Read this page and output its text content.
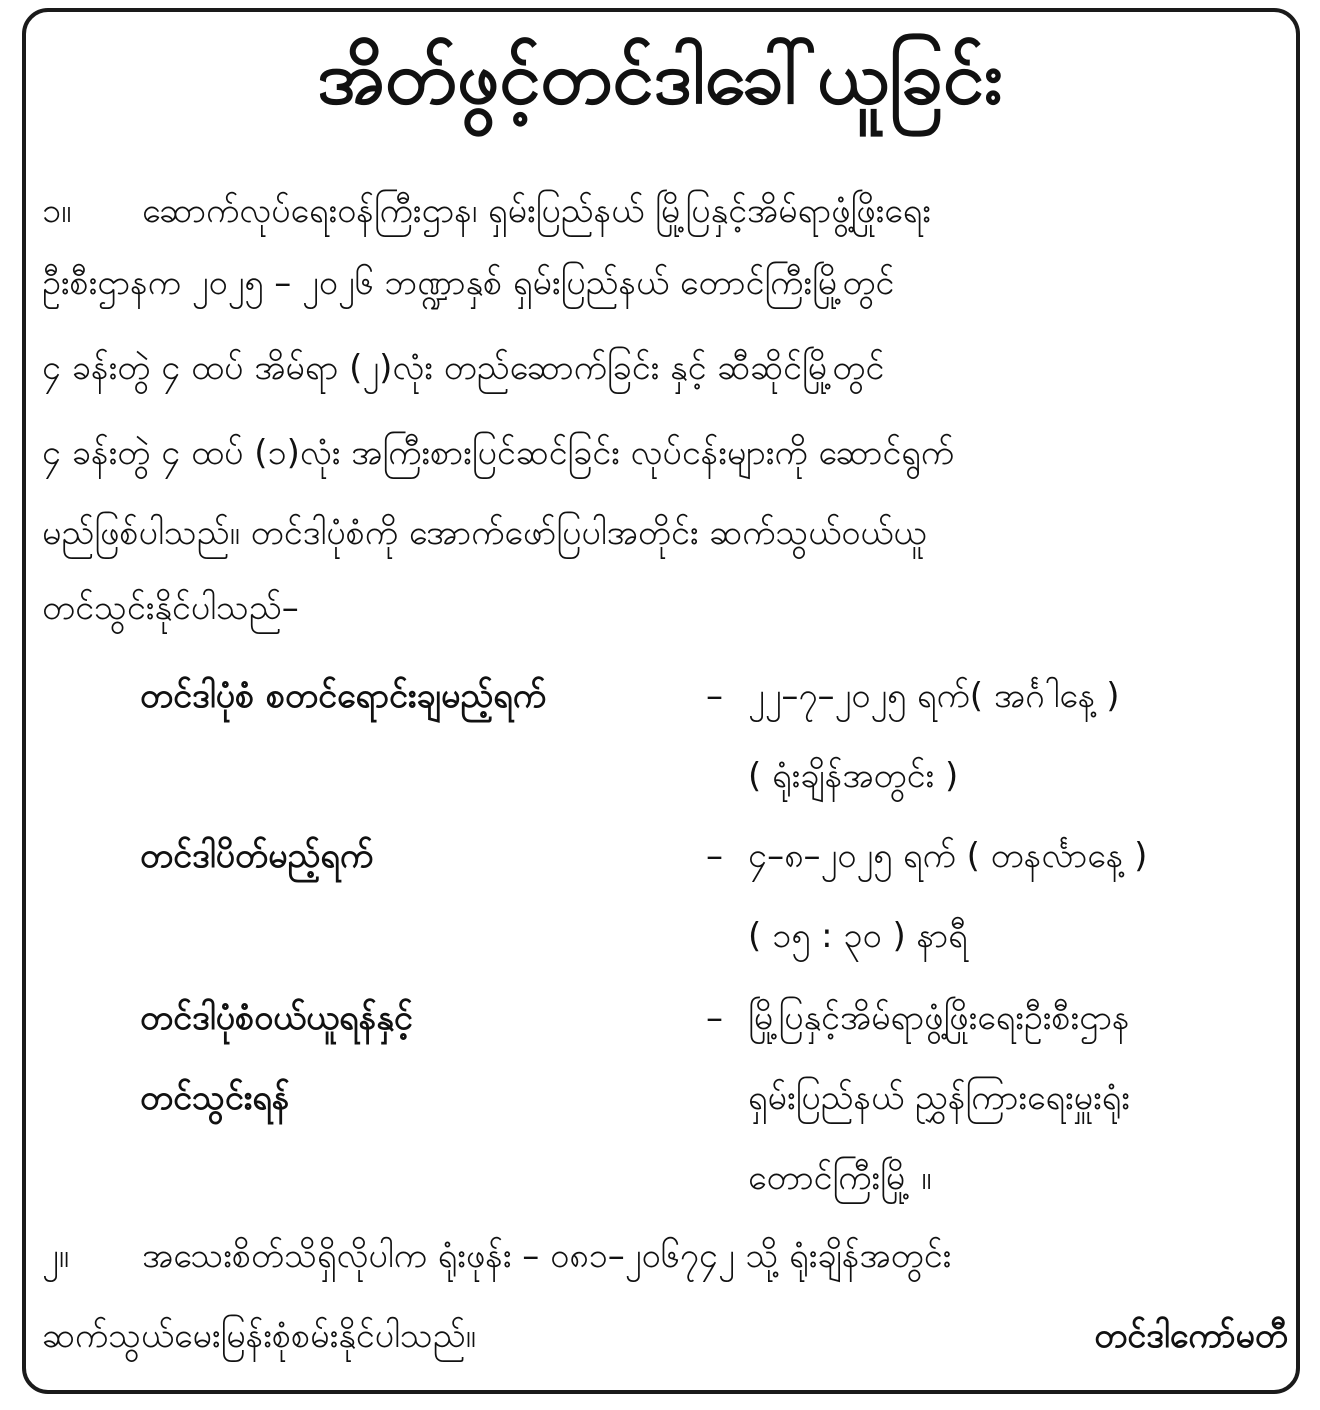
အိတ်ဖွင့်တင်ဒါခေါ်ယူခြင်း
၁။	ဆောက်လုပ်ရေးဝန်ကြီးဌာန၊ ရှမ်းပြည်နယ် မြို့ပြနှင့်အိမ်ရာဖွံ့ဖြိုးရေး
ဦးစီးဌာနက ၂၀၂၅ – ၂၀၂၆ ဘဏ္ဍာနှစ် ရှမ်းပြည်နယ် တောင်ကြီးမြို့တွင်
၄ ခန်းတွဲ ၄ ထပ် အိမ်ရာ (၂)လုံး တည်ဆောက်ခြင်း နှင့် ဆီဆိုင်မြို့တွင်
၄ ခန်းတွဲ ၄ ထပ် (၁)လုံး အကြီးစားပြင်ဆင်ခြင်း လုပ်ငန်းများကို ဆောင်ရွက်
မည်ဖြစ်ပါသည်။ တင်ဒါပုံစံကို အောက်ဖော်ပြပါအတိုင်း ဆက်သွယ်ဝယ်ယူ
တင်သွင်းနိုင်ပါသည်–
တင်ဒါပုံစံ စတင်ရောင်းချမည့်ရက်	– ၂၂–၇–၂၀၂၅ ရက်( အင်္ဂါနေ့ )
( ရုံးချိန်အတွင်း )
တင်ဒါပိတ်မည့်ရက်	– ၄–၈–၂၀၂၅ ရက် ( တနင်္လာနေ့ )
( ၁၅ : ၃၀ ) နာရီ
တင်ဒါပုံစံဝယ်ယူရန်နှင့်
တင်သွင်းရန်
– မြို့ပြနှင့်အိမ်ရာဖွံ့ဖြိုးရေးဦးစီးဌာန
ရှမ်းပြည်နယ် ညွှန်ကြားရေးမှူးရုံး
တောင်ကြီးမြို့ ။
၂။	အသေးစိတ်သိရှိလိုပါက ရုံးဖုန်း – ၀၈၁–၂၀၆၇၄၂ သို့ ရုံးချိန်အတွင်း
ဆက်သွယ်မေးမြန်းစုံစမ်းနိုင်ပါသည်။	တင်ဒါကော်မတီ
